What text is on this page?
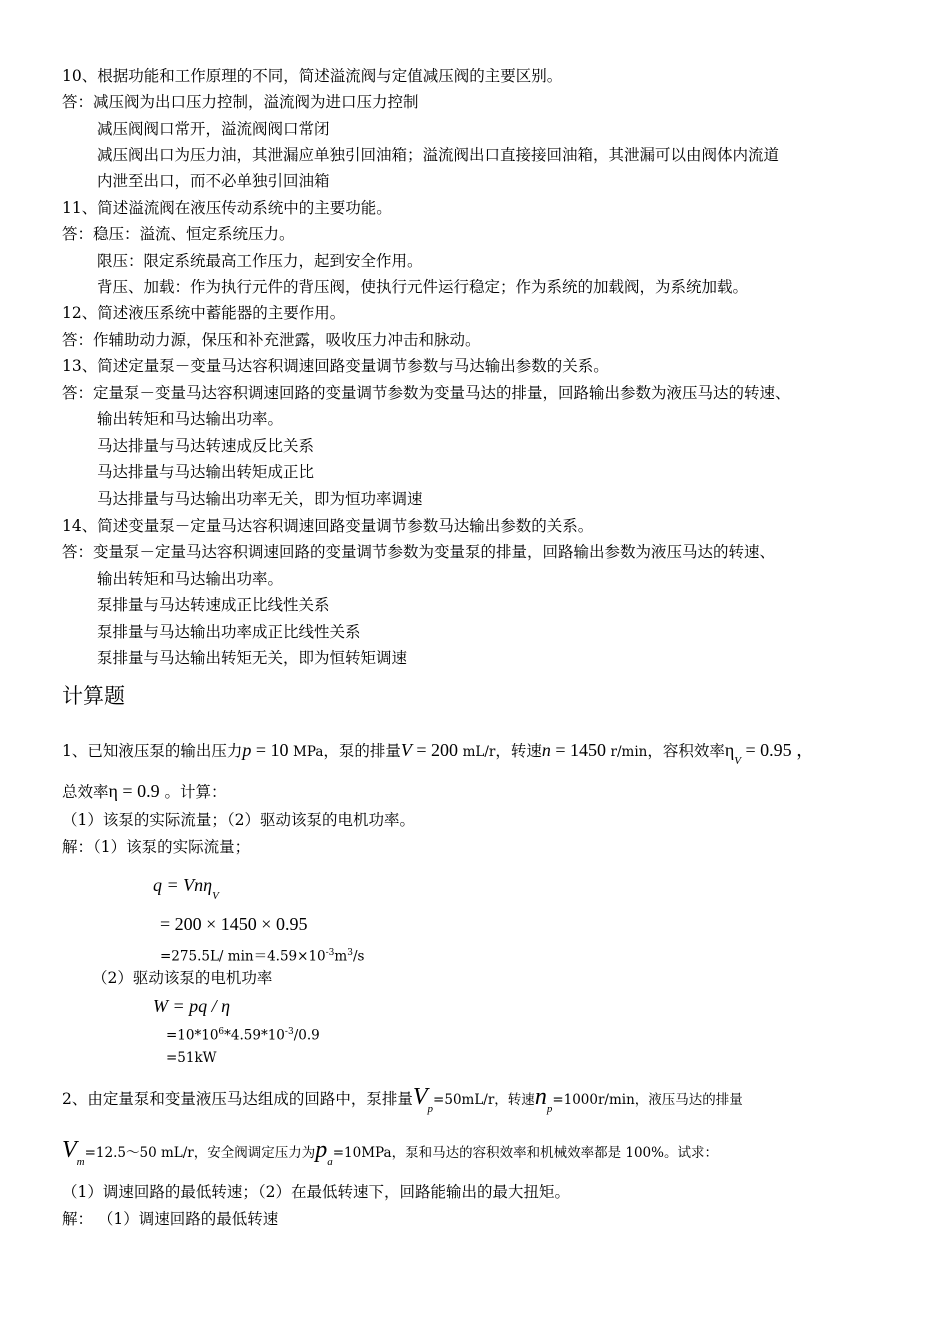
10、根据功能和工作原理的不同，简述溢流阀与定值减压阀的主要区别。
答：减压阀为出口压力控制，溢流阀为进口压力控制
减压阀阀口常开，溢流阀阀口常闭
减压阀出口为压力油，其泄漏应单独引回油箱；溢流阀出口直接接回油箱，其泄漏可以由阀体内流道
内泄至出口，而不必单独引回油箱
11、简述溢流阀在液压传动系统中的主要功能。
答：稳压：溢流、恒定系统压力。
限压：限定系统最高工作压力，起到安全作用。
背压、加载：作为执行元件的背压阀，使执行元件运行稳定；作为系统的加载阀，为系统加载。
12、简述液压系统中蓄能器的主要作用。
答：作辅助动力源，保压和补充泄露，吸收压力冲击和脉动。
13、简述定量泵－变量马达容积调速回路变量调节参数与马达输出参数的关系。
答：定量泵－变量马达容积调速回路的变量调节参数为变量马达的排量，回路输出参数为液压马达的转速、
输出转矩和马达输出功率。
马达排量与马达转速成反比关系
马达排量与马达输出转矩成正比
马达排量与马达输出功率无关，即为恒功率调速
14、简述变量泵－定量马达容积调速回路变量调节参数马达输出参数的关系。
答：变量泵－定量马达容积调速回路的变量调节参数为变量泵的排量，回路输出参数为液压马达的转速、
输出转矩和马达输出功率。
泵排量与马达转速成正比线性关系
泵排量与马达输出功率成正比线性关系
泵排量与马达输出转矩无关，即为恒转矩调速
计算题
1、已知液压泵的输出压力p = 10 MPa，泵的排量V = 200 mL/r，转速n = 1450 r/min，容积效率$\eta_V = 0.95$ ，
总效率η = 0.9 。计算：
（1）该泵的实际流量；（2）驱动该泵的电机功率。
解：（1）该泵的实际流量；
q = Vnη$_V$
= 200 × 1450 × 0.95
=275.5L/ $\min=4.59\times 10^{-3}m^3/s$
（2）驱动该泵的电机功率
W = pq / η
$=10*10^6*4.59*10^{-3}/0.9$
=51kW
2、由定量泵和变量液压马达组成的回路中，泵排量$V_p=50mL/r$，转速$n_p=1000r/\min$，液压马达的排量
$V_m=12.5\sim 50$ mL/r，安全阀调定压力为$p_a=10MPa$，泵和马达的容积效率和机械效率都是 100%。试求：
（1）调速回路的最低转速；（2）在最低转速下，回路能输出的最大扭矩。
解： （1）调速回路的最低转速
